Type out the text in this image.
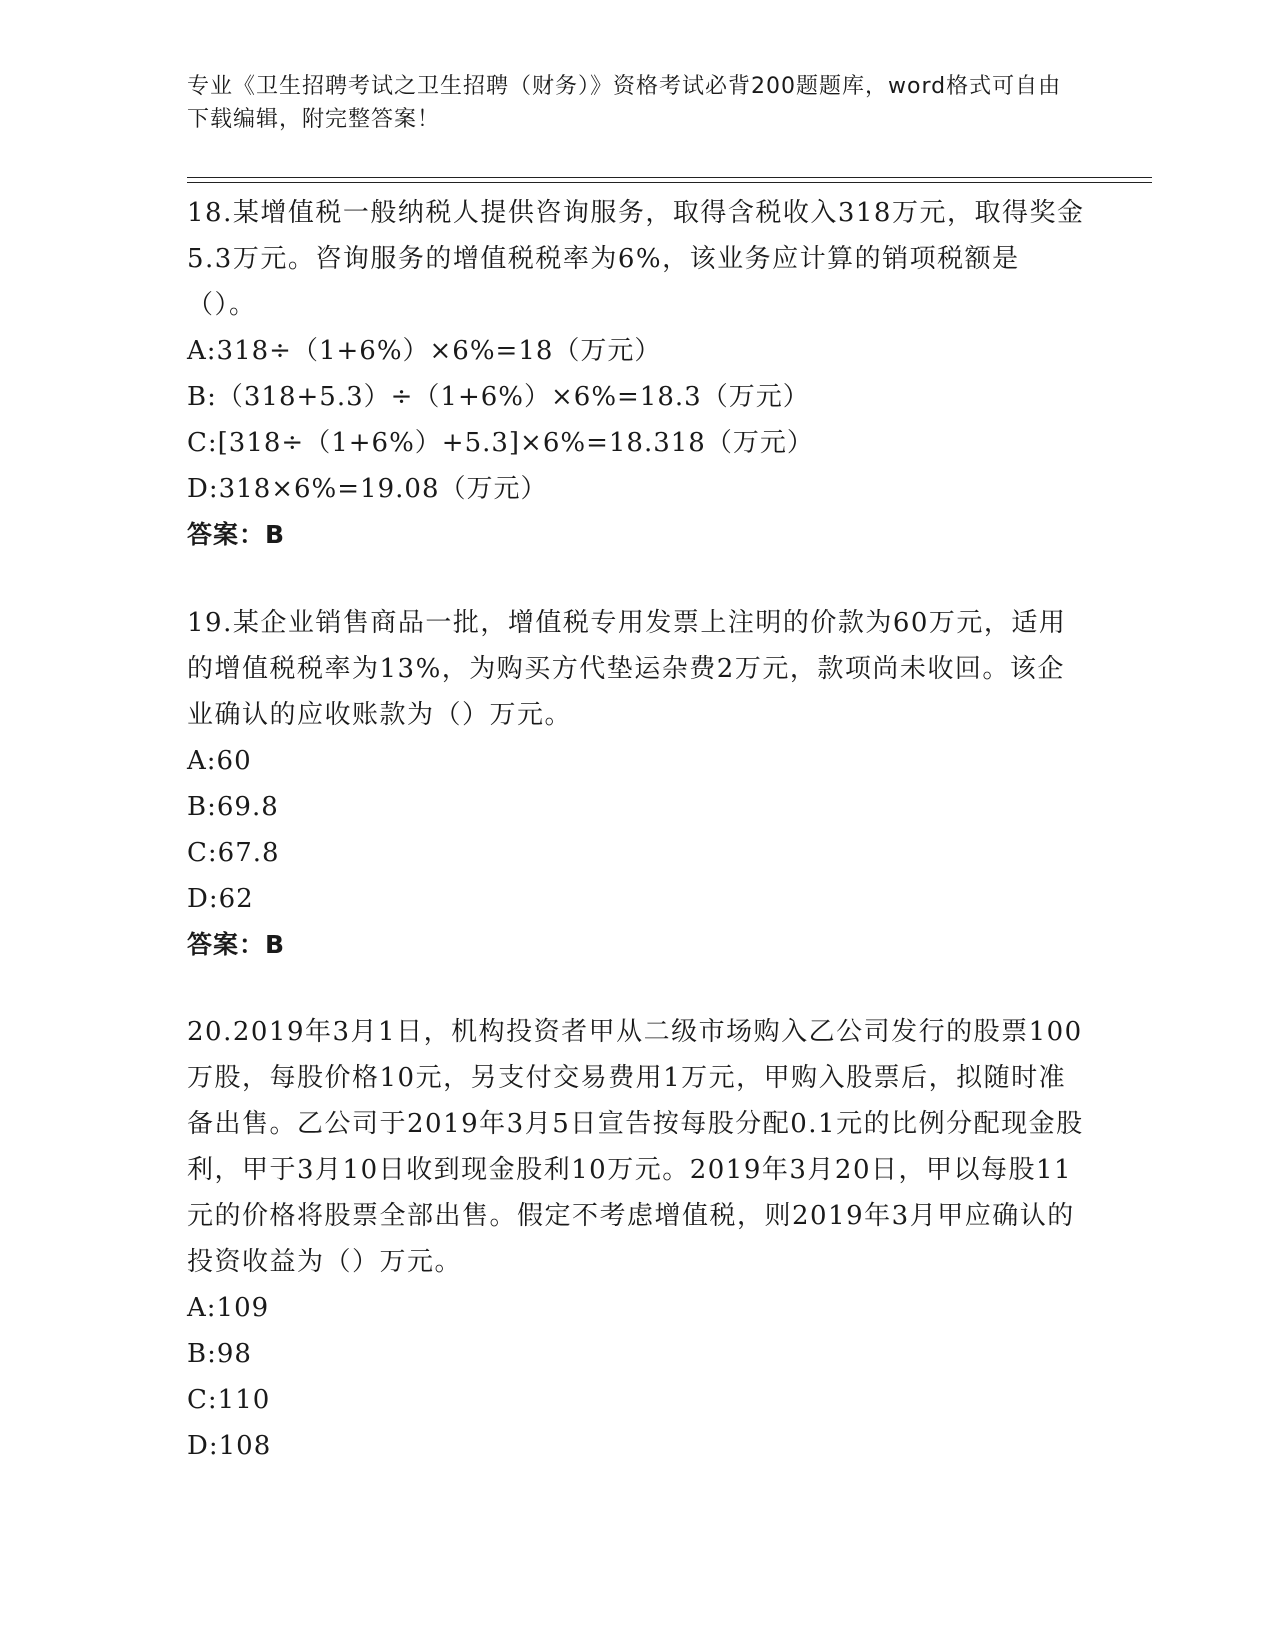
专业《卫生招聘考试之卫生招聘（财务）》资格考试必背200题题库，word格式可自由下载编辑，附完整答案！
18.某增值税一般纳税人提供咨询服务，取得含税收入318万元，取得奖金5.3万元。咨询服务的增值税税率为6%，该业务应计算的销项税额是（）。
A:318÷（1+6%）×6%=18（万元）
B:（318+5.3）÷（1+6%）×6%=18.3（万元）
C:[318÷（1+6%）+5.3]×6%=18.318（万元）
D:318×6%=19.08（万元）
答案：B
19.某企业销售商品一批，增值税专用发票上注明的价款为60万元，适用的增值税税率为13%，为购买方代垫运杂费2万元，款项尚未收回。该企业确认的应收账款为（）万元。
A:60
B:69.8
C:67.8
D:62
答案：B
20.2019年3月1日，机构投资者甲从二级市场购入乙公司发行的股票100万股，每股价格10元，另支付交易费用1万元，甲购入股票后，拟随时准备出售。乙公司于2019年3月5日宣告按每股分配0.1元的比例分配现金股利，甲于3月10日收到现金股利10万元。2019年3月20日，甲以每股11元的价格将股票全部出售。假定不考虑增值税，则2019年3月甲应确认的投资收益为（）万元。
A:109
B:98
C:110
D:108
